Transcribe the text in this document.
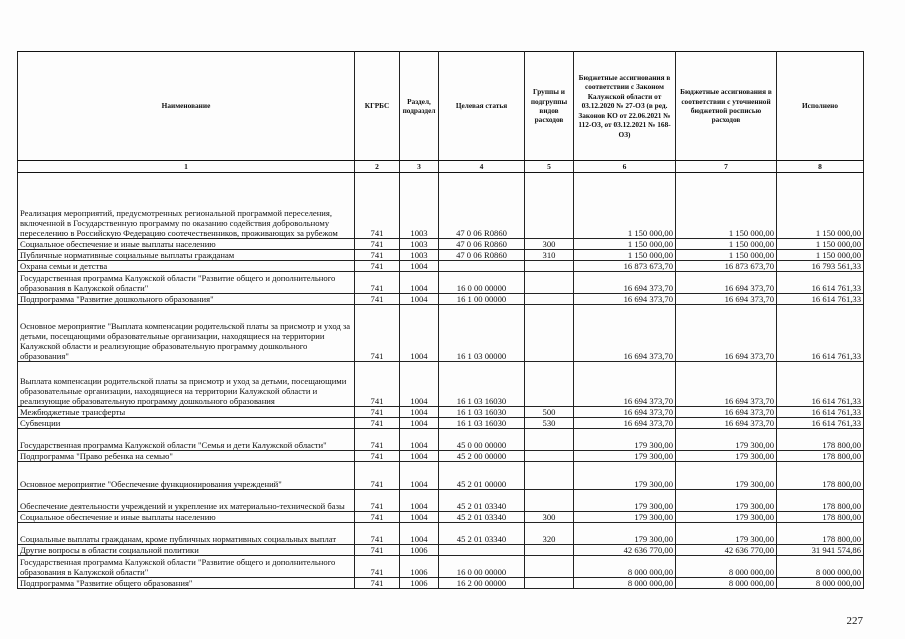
Наименование	КГРБС	Раздел, подраздел	Целевая статья	Группы и подгруппы видов расходов	Бюджетные ассигнования в соответствии с Законом Калужской области от 03.12.2020 № 27-ОЗ (в ред. Законов КО от 22.06.2021 № 112-ОЗ, от 03.12.2021 № 168-ОЗ)	Бюджетные ассигнования в соответствии с уточненной бюджетной росписью расходов	Исполнено
1	2	3	4	5	6	7	8
Реализация мероприятий, предусмотренных региональной программой переселения, включенной в Государственную программу по оказанию содействия добровольному переселению в Российскую Федерацию соотечественников, проживающих за рубежом	741	1003	47 0 06 R0860		1 150 000,00	1 150 000,00	1 150 000,00
Социальное обеспечение и иные выплаты населению	741	1003	47 0 06 R0860	300	1 150 000,00	1 150 000,00	1 150 000,00
Публичные нормативные социальные выплаты гражданам	741	1003	47 0 06 R0860	310	1 150 000,00	1 150 000,00	1 150 000,00
Охрана семьи и детства	741	1004			16 873 673,70	16 873 673,70	16 793 561,33
Государственная программа Калужской области "Развитие общего и дополнительного образования в Калужской области"	741	1004	16 0 00 00000		16 694 373,70	16 694 373,70	16 614 761,33
Подпрограмма "Развитие дошкольного образования"	741	1004	16 1 00 00000		16 694 373,70	16 694 373,70	16 614 761,33
Основное мероприятие "Выплата компенсации родительской платы за присмотр и уход за детьми, посещающими образовательные организации, находящиеся на территории Калужской области и реализующие образовательную программу дошкольного образования"	741	1004	16 1 03 00000		16 694 373,70	16 694 373,70	16 614 761,33
Выплата компенсации родительской платы за присмотр и уход за детьми, посещающими образовательные организации, находящиеся на территории Калужской области и реализующие образовательную программу дошкольного образования	741	1004	16 1 03 16030		16 694 373,70	16 694 373,70	16 614 761,33
Межбюджетные трансферты	741	1004	16 1 03 16030	500	16 694 373,70	16 694 373,70	16 614 761,33
Субвенции	741	1004	16 1 03 16030	530	16 694 373,70	16 694 373,70	16 614 761,33
Государственная программа Калужской области "Семья и дети Калужской области"	741	1004	45 0 00 00000		179 300,00	179 300,00	178 800,00
Подпрограмма "Право ребенка на семью"	741	1004	45 2 00 00000		179 300,00	179 300,00	178 800,00
Основное мероприятие "Обеспечение функционирования учреждений"	741	1004	45 2 01 00000		179 300,00	179 300,00	178 800,00
Обеспечение деятельности учреждений и укрепление их материально-технической базы	741	1004	45 2 01 03340		179 300,00	179 300,00	178 800,00
Социальное обеспечение и иные выплаты населению	741	1004	45 2 01 03340	300	179 300,00	179 300,00	178 800,00
Социальные выплаты гражданам, кроме публичных нормативных социальных выплат	741	1004	45 2 01 03340	320	179 300,00	179 300,00	178 800,00
Другие вопросы в области социальной политики	741	1006			42 636 770,00	42 636 770,00	31 941 574,86
Государственная программа Калужской области "Развитие общего и дополнительного образования в Калужской области"	741	1006	16 0 00 00000		8 000 000,00	8 000 000,00	8 000 000,00
Подпрограмма "Развитие общего образования"	741	1006	16 2 00 00000		8 000 000,00	8 000 000,00	8 000 000,00
227
